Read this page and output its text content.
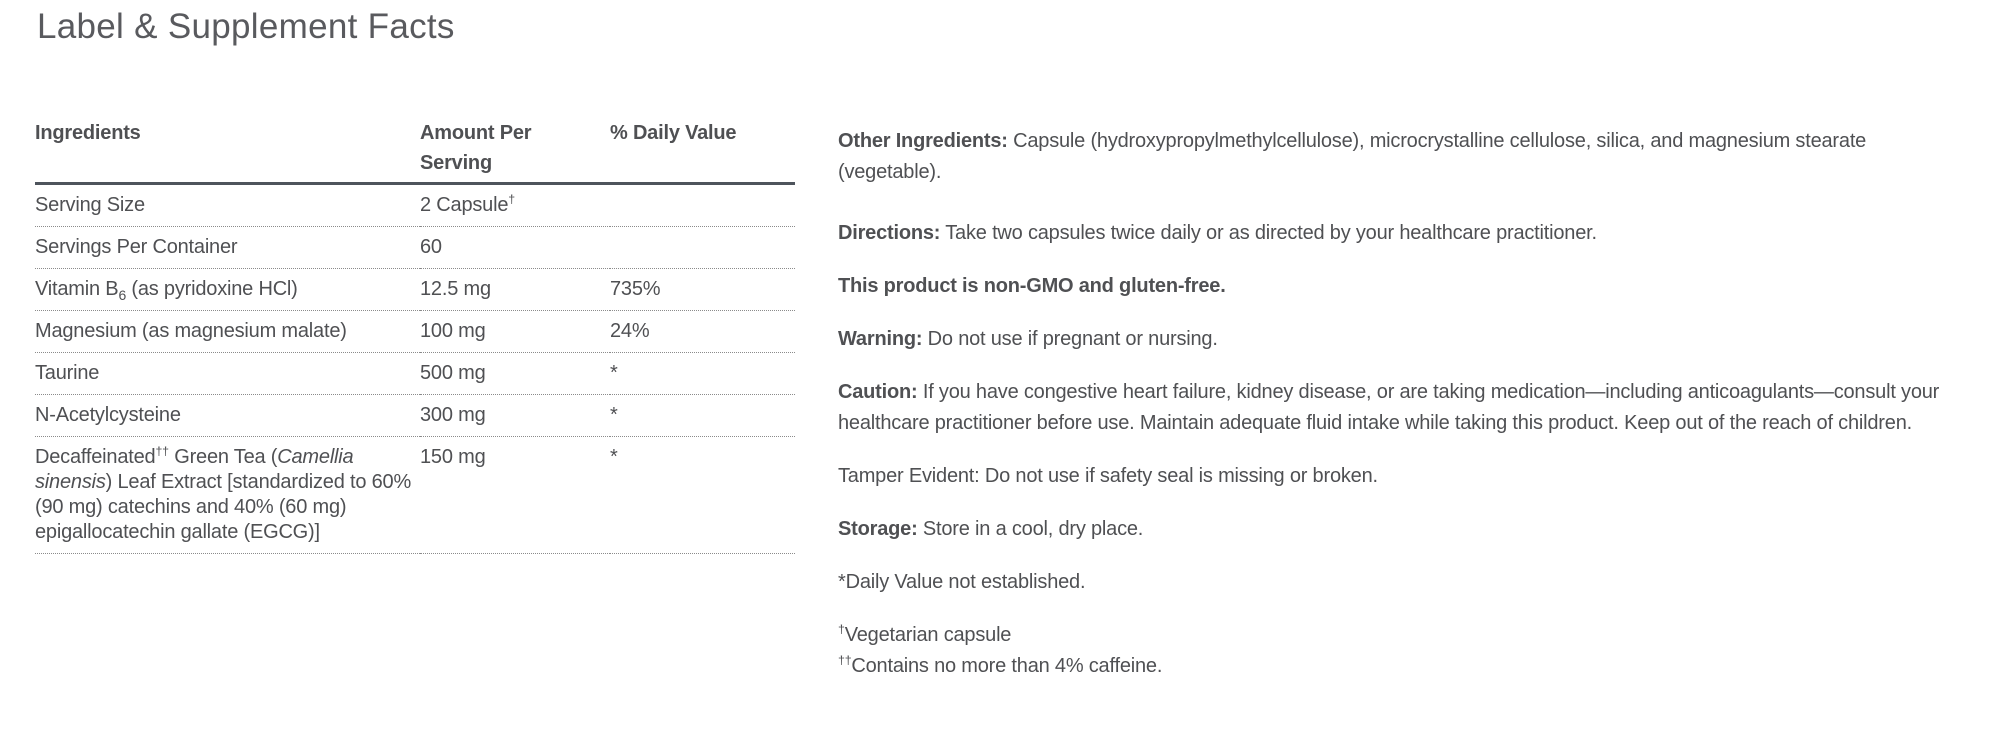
Label & Supplement Facts
Ingredients	Amount Per Serving	% Daily Value
Serving Size	2 Capsule†	
Servings Per Container	60	
Vitamin $B_6$ (as pyridoxine HCl)	12.5 mg	735%
Magnesium (as magnesium malate)	100 mg	24%
Taurine	500 mg	*
N-Acetylcysteine	300 mg	*
Decaffeinated†† Green Tea (Camellia sinensis) Leaf Extract [standardized to 60% (90 mg) catechins and 40% (60 mg) epigallocatechin gallate (EGCG)]	150 mg	*

Other Ingredients: Capsule (hydroxypropylmethylcellulose), microcrystalline cellulose, silica, and magnesium stearate (vegetable).

Directions: Take two capsules twice daily or as directed by your healthcare practitioner.

This product is non-GMO and gluten-free.

Warning: Do not use if pregnant or nursing.

Caution: If you have congestive heart failure, kidney disease, or are taking medication—including anticoagulants—consult your healthcare practitioner before use. Maintain adequate fluid intake while taking this product. Keep out of the reach of children.

Tamper Evident: Do not use if safety seal is missing or broken.

Storage: Store in a cool, dry place.

*Daily Value not established.

†Vegetarian capsule
††Contains no more than 4% caffeine.
